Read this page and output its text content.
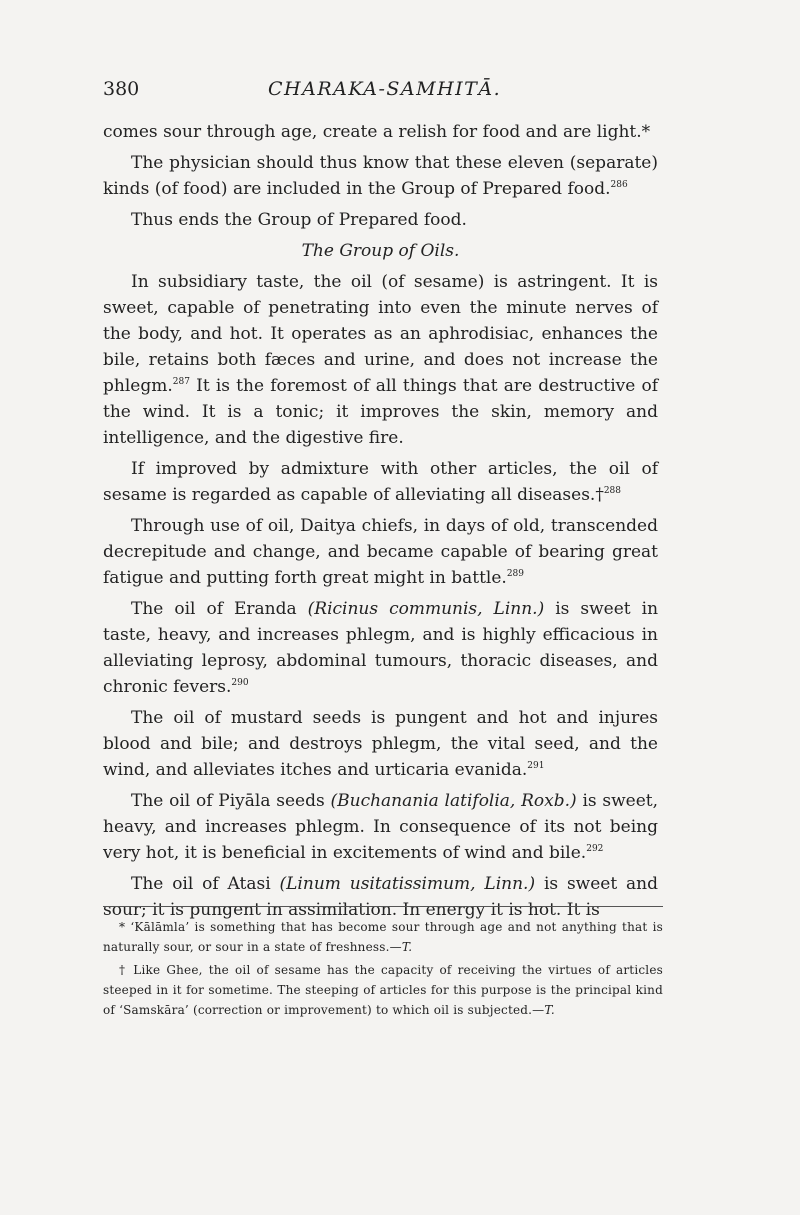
380	CHARAKA-SAMHITĀ.

comes sour through age, create a relish for food and are light.*

The physician should thus know that these eleven (separate) kinds (of food) are included in the Group of Prepared food.$^{286}$

Thus ends the Group of Prepared food.

The Group of Oils.

In subsidiary taste, the oil (of sesame) is astringent. It is sweet, capable of penetrating into even the minute nerves of the body, and hot. It operates as an aphrodisiac, enhances the bile, retains both fæces and urine, and does not increase the phlegm.$^{287}$ It is the foremost of all things that are destructive of the wind. It is a tonic; it improves the skin, memory and intelligence, and the digestive fire.

If improved by admixture with other articles, the oil of sesame is regarded as capable of alleviating all diseases.†$^{288}$

Through use of oil, Daitya chiefs, in days of old, transcended decrepitude and change, and became capable of bearing great fatigue and putting forth great might in battle.$^{289}$

The oil of Eranda (Ricinus communis, Linn.) is sweet in taste, heavy, and increases phlegm, and is highly efficacious in alleviating leprosy, abdominal tumours, thoracic diseases, and chronic fevers.$^{290}$

The oil of mustard seeds is pungent and hot and injures blood and bile; and destroys phlegm, the vital seed, and the wind, and alleviates itches and urticaria evanida.$^{291}$

The oil of Piyāla seeds (Buchanania latifolia, Roxb.) is sweet, heavy, and increases phlegm. In consequence of its not being very hot, it is beneficial in excitements of wind and bile.$^{292}$

The oil of Atasi (Linum usitatissimum, Linn.) is sweet and sour; it is pungent in assimilation. In energy it is hot. It is

* ‘Kālāmla’ is something that has become sour through age and not anything that is naturally sour, or sour in a state of freshness.—T.

† Like Ghee, the oil of sesame has the capacity of receiving the virtues of articles steeped in it for sometime. The steeping of articles for this purpose is the principal kind of ‘Samskāra’ (correction or improvement) to which oil is subjected.—T.
